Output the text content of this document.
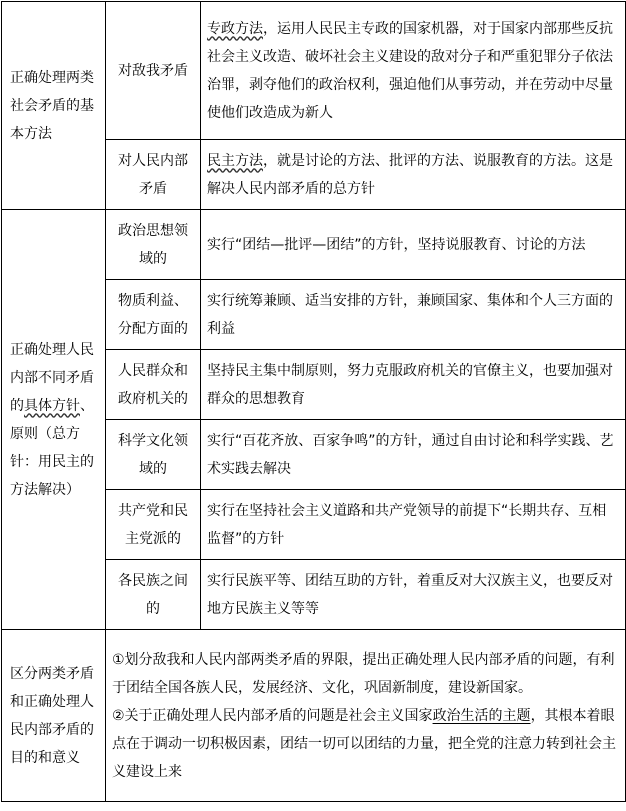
正确处理两类社会矛盾的基本方法	对敌我矛盾	专政方法，运用人民民主专政的国家机器，对于国家内部那些反抗社会主义改造、破坏社会主义建设的敌对分子和严重犯罪分子依法治罪，剥夺他们的政治权利，强迫他们从事劳动，并在劳动中尽量使他们改造成为新人
	对人民内部矛盾	民主方法，就是讨论的方法、批评的方法、说服教育的方法。这是解决人民内部矛盾的总方针
正确处理人民内部不同矛盾的具体方针、原则（总方针：用民主的方法解决）	政治思想领域的	实行“团结—批评—团结”的方针，坚持说服教育、讨论的方法
	物质利益、分配方面的	实行统筹兼顾、适当安排的方针，兼顾国家、集体和个人三方面的利益
	人民群众和政府机关的	坚持民主集中制原则，努力克服政府机关的官僚主义，也要加强对群众的思想教育
	科学文化领域的	实行“百花齐放、百家争鸣”的方针，通过自由讨论和科学实践、艺术实践去解决
	共产党和民主党派的	实行在坚持社会主义道路和共产党领导的前提下“长期共存、互相监督”的方针
	各民族之间的	实行民族平等、团结互助的方针，着重反对大汉族主义，也要反对地方民族主义等等
区分两类矛盾和正确处理人民内部矛盾的目的和意义	①划分敌我和人民内部两类矛盾的界限，提出正确处理人民内部矛盾的问题，有利于团结全国各族人民，发展经济、文化，巩固新制度，建设新国家。
②关于正确处理人民内部矛盾的问题是社会主义国家政治生活的主题，其根本着眼点在于调动一切积极因素，团结一切可以团结的力量，把全党的注意力转到社会主义建设上来	
